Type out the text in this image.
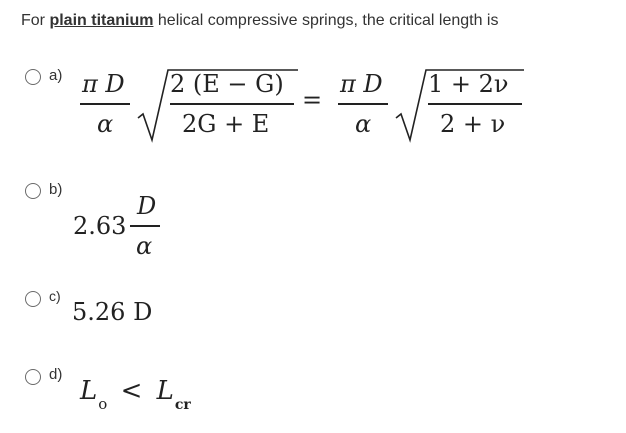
For plain titanium helical compressive springs, the critical length is
a) π D
α
2 (E − G)
2G + E
=
π D
α
1 + 2ν
2 + ν
b)
2.63
D
α
c)
5.26 D
d)
$L_o < L_{cr}$
